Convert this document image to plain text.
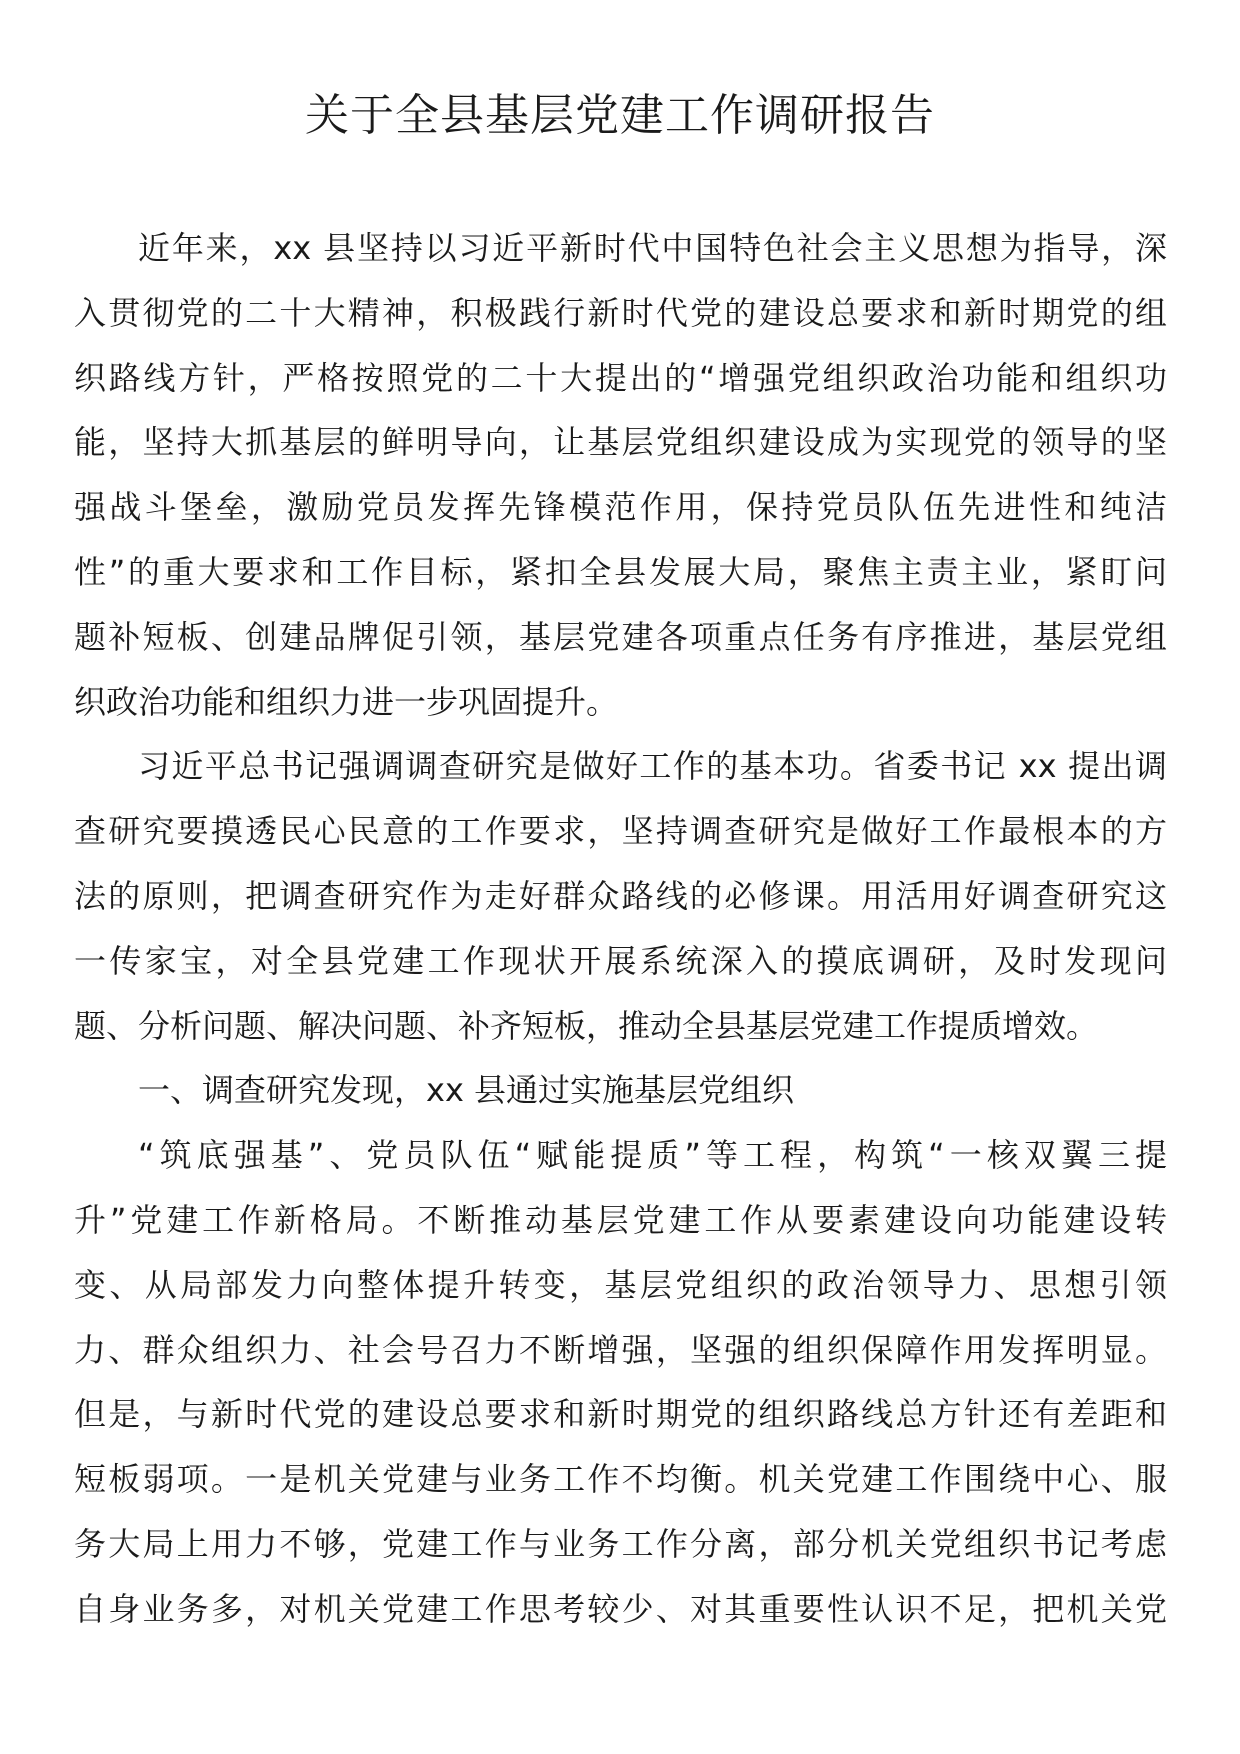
关于全县基层党建工作调研报告
近年来，xx 县坚持以习近平新时代中国特色社会主义思想为指导，深
入贯彻党的二十大精神，积极践行新时代党的建设总要求和新时期党的组
织路线方针，严格按照党的二十大提出的“增强党组织政治功能和组织功
能，坚持大抓基层的鲜明导向，让基层党组织建设成为实现党的领导的坚
强战斗堡垒，激励党员发挥先锋模范作用，保持党员队伍先进性和纯洁
性”的重大要求和工作目标，紧扣全县发展大局，聚焦主责主业，紧盯问
题补短板、创建品牌促引领，基层党建各项重点任务有序推进，基层党组
织政治功能和组织力进一步巩固提升。
习近平总书记强调调查研究是做好工作的基本功。省委书记 xx 提出调
查研究要摸透民心民意的工作要求，坚持调查研究是做好工作最根本的方
法的原则，把调查研究作为走好群众路线的必修课。用活用好调查研究这
一传家宝，对全县党建工作现状开展系统深入的摸底调研，及时发现问
题、分析问题、解决问题、补齐短板，推动全县基层党建工作提质增效。
一、调查研究发现，xx 县通过实施基层党组织
“筑底强基”、党员队伍“赋能提质”等工程，构筑“一核双翼三提
升”党建工作新格局。不断推动基层党建工作从要素建设向功能建设转
变、从局部发力向整体提升转变，基层党组织的政治领导力、思想引领
力、群众组织力、社会号召力不断增强，坚强的组织保障作用发挥明显。
但是，与新时代党的建设总要求和新时期党的组织路线总方针还有差距和
短板弱项。一是机关党建与业务工作不均衡。机关党建工作围绕中心、服
务大局上用力不够，党建工作与业务工作分离，部分机关党组织书记考虑
自身业务多，对机关党建工作思考较少、对其重要性认识不足，把机关党
